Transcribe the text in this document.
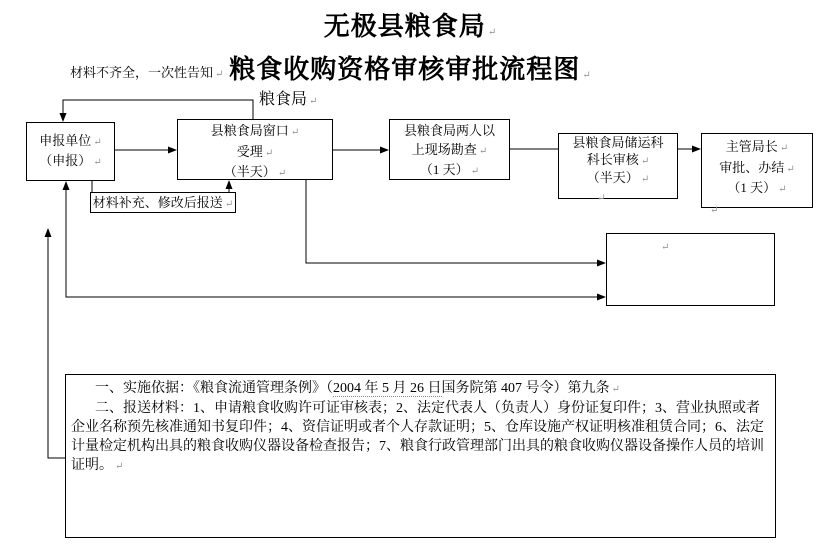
无极县粮食局 ↵
粮食收购资格审核审批流程图 ↵
材料不齐全，一次性告知 ↵
粮食局 ↵
申报单位 ↵
（申报） ↵
县粮食局窗口 ↵
受理 ↵
（半天） ↵
县粮食局两人以
上现场勘查 ↵
（1 天） ↵
县粮食局储运科
科长审核 ↵
（半天） ↵
↵
主管局长 ↵
审批、办结 ↵
（1 天） ↵
↵
材料补充、修改后报送 ↵
↵

一、实施依据：《粮食流通管理条例》（2004 年 5 月 26 日国务院第 407 号令）第九条 ↵

二、报送材料：1、申请粮食收购许可证审核表；2、法定代表人（负责人）身份证复印件；3、营业执照或者企业名称预先核准通知书复印件；4、资信证明或者个人存款证明；5、仓库设施产权证明核准租赁合同；6、法定计量检定机构出具的粮食收购仪器设备检查报告；7、粮食行政管理部门出具的粮食收购仪器设备操作人员的培训证明。 ↵
